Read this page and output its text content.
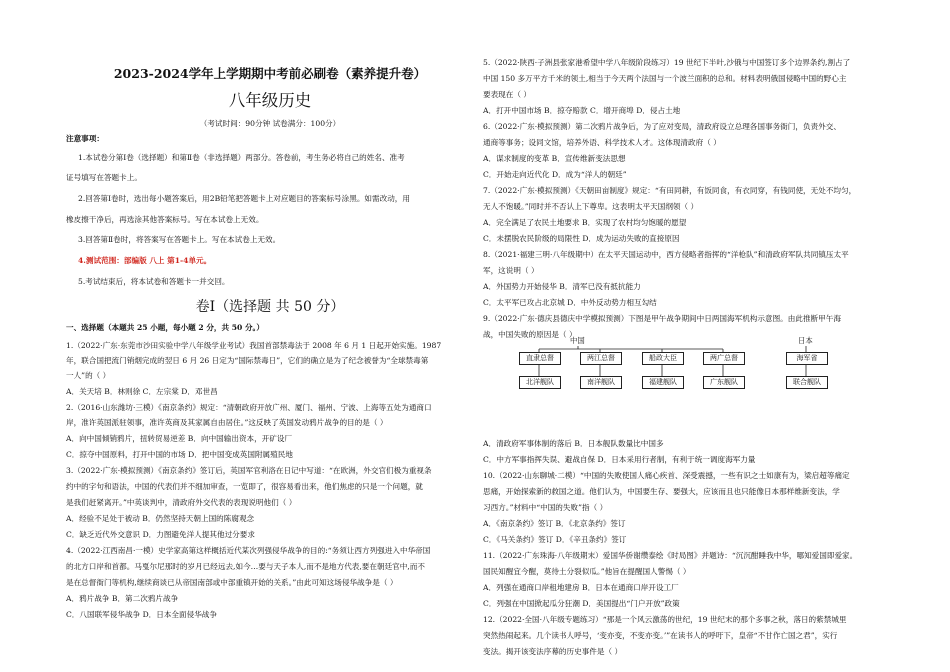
2023-2024学年上学期期中考前必刷卷（素养提升卷）
八年级历史
（考试时间：90分钟 试卷满分：100分）
注意事项：
1.本试卷分第Ⅰ卷（选择题）和第Ⅱ卷（非选择题）两部分。答卷前，考生务必将自己的姓名、准考
证号填写在答题卡上。
2.回答第Ⅰ卷时，选出每小题答案后，用2B铅笔把答题卡上对应题目的答案标号涂黑。如需改动，用
橡皮擦干净后，再选涂其他答案标号。写在本试卷上无效。
3.回答第Ⅱ卷时，将答案写在答题卡上。写在本试卷上无效。
4.测试范围：部编版 八上 第1-4单元。
5.考试结束后，将本试卷和答题卡一并交回。
卷Ⅰ（选择题 共 50 分）
一、选择题（本题共 25 小题，每小题 2 分，共 50 分。）
1.（2022·广东·东莞市沙田实验中学八年级学业考试）我国首部禁毒法于 2008 年 6 月 1 日起开始实施。1987
年，联合国把流门销烟完成的翌日 6 月 26 日定为“国际禁毒日”，它们的确立是为了纪念被誉为“全球禁毒第
一人”的（ ）
A．关天培 B．林则徐 C．左宗棠 D．邓世昌
2.（2016·山东潍坊·三模）《南京条约》规定：“清朝政府开放广州、厦门、福州、宁波、上海等五处为通商口
岸，准许英国派驻领事，准许英商及其家属自由居住。”这反映了英国发动鸦片战争的目的是（ ）
A．向中国倾销鸦片，扭转贸易逆差 B．向中国输出资本，开矿设厂
C．掠夺中国原料，打开中国的市场 D．把中国变成英国附属殖民地
3.（2022·广东·模拟预测）《南京条约》签订后，英国军官利洛在日记中写道：“在欧洲，外交官们极为重视条
约中的字句和语法，中国的代表们并不细加审查，一览即了，很容易看出来，他们焦虑的只是一个问题，就
是我们赶紧离开。”中英谈判中，清政府外交代表的表现说明他们（ ）
A．经验不足处于被动 B．仍然坚持天朝上国的陈腐观念
C．缺乏近代外交意识 D．力图避免洋人提其他过分要求
4.（2022·江西南昌·一模）史学家高第这样概括近代某次列强侵华战争的目的:“务须让西方列强进入中华帝国
的北方口岸和首都。马戛尔尼那时的岁月已经远去,如今…要与天子本人,而不是地方代表,要在朝廷官中,而不
是在总督衙门等机构,继续商谈已从帝国南部或中部重镇开始的关系。”由此可知这场侵华战争是（ ）
A．鸦片战争 B．第二次鸦片战争
C．八国联军侵华战争 D．日本全面侵华战争
5.（2022·陕西·子洲县张家港希望中学八年级阶段练习）19 世纪下半叶,沙俄与中国签订多个边界条约,割占了
中国 150 多万平方千米的领土,相当于今天两个法国与一个波兰面积的总和。材料表明俄国侵略中国的野心主
要表现在（ ）
A．打开中国市场 B．掠夺赔款 C．增开商埠 D．侵占土地
6.（2022·广东·模拟预测）第二次鸦片战争后，为了应对变局，清政府设立总理各国事务衙门，负责外交、
通商等事务；设同文馆，培养外语、科学技术人才。这体现清政府（ ）
A．谋求制度的变革 B．宣传维新变法思想
C．开始走向近代化 D．成为“洋人的朝廷”
7.（2022·广东·模拟预测）《天朝田亩制度》规定：“有田同耕，有饭同食，有衣同穿，有钱同使，无处不均匀，
无人不饱暖。”同时并不否认上下尊卑。这表明太平天国纲领（ ）
A．完全满足了农民土地要求 B．实现了农村均匀饱暖的愿望
C．未摆脱农民阶级的局限性 D．成为运动失败的直接原因
8.（2021·福建三明·八年级期中）在太平天国运动中，西方侵略者指挥的“洋枪队”和清政府军队共同镇压太平
军，这说明（ ）
A．外国势力开始侵华 B．清军已没有抵抗能力
C．太平军已攻占北京城 D．中外反动势力相互勾结
9.（2022·广东·德庆县德庆中学模拟预测）下图是甲午战争期间中日两国海军机构示意图。由此推断甲午海
战，中国失败的原因是（ ）
A．清政府军事体制的落后 B．日本舰队数量比中国多
C．中方军事指挥失误、避战自保 D．日本采用行者制，有利于统一调度海军力量
10.（2022·山东聊城·二模）“中国的失败使国人痛心疾首、深受震撼，一些有识之士如康有为，梁启超等痛定
思痛，开始探索新的救国之道。他们认为，中国要生存、要强大，应该而且也只能像日本那样维新变法，学
习西方。”材料中“中国的失败”指（ ）
A．《南京条约》签订 B．《北京条约》签订
C．《马关条约》签订 D．《辛丑条约》签订
11.（2022·广东珠海·八年级期末）爱国华侨谢缵泰绘《时局图》并题诗：“沉沉酣睡我中华，哪知爱国即爱家。
国民知醒宜今醒，莫待土分裂似瓜。”他旨在提醒国人警惕（ ）
A．列强在通商口岸租地建房 B．日本在通商口岸开设工厂
C．列强在中国掀起瓜分狂潮 D．美国提出“门户开放”政策
12.（2022·全国·八年级专题练习）“那是一个风云激荡的世纪，19 世纪末的那个多事之秋，落日的紫禁城里
突然热闹起来。几个读书人呼号，‘变亦变，不变亦变。’”在读书人的呼吁下，皇帝“不甘作亡国之君”，实行
变法。揭开该变法序幕的历史事件是（ ）
中国	日本
直隶总督	两江总督	船政大臣	两广总督
北洋舰队	南洋舰队	福建舰队	广东舰队
海军省
联合舰队
